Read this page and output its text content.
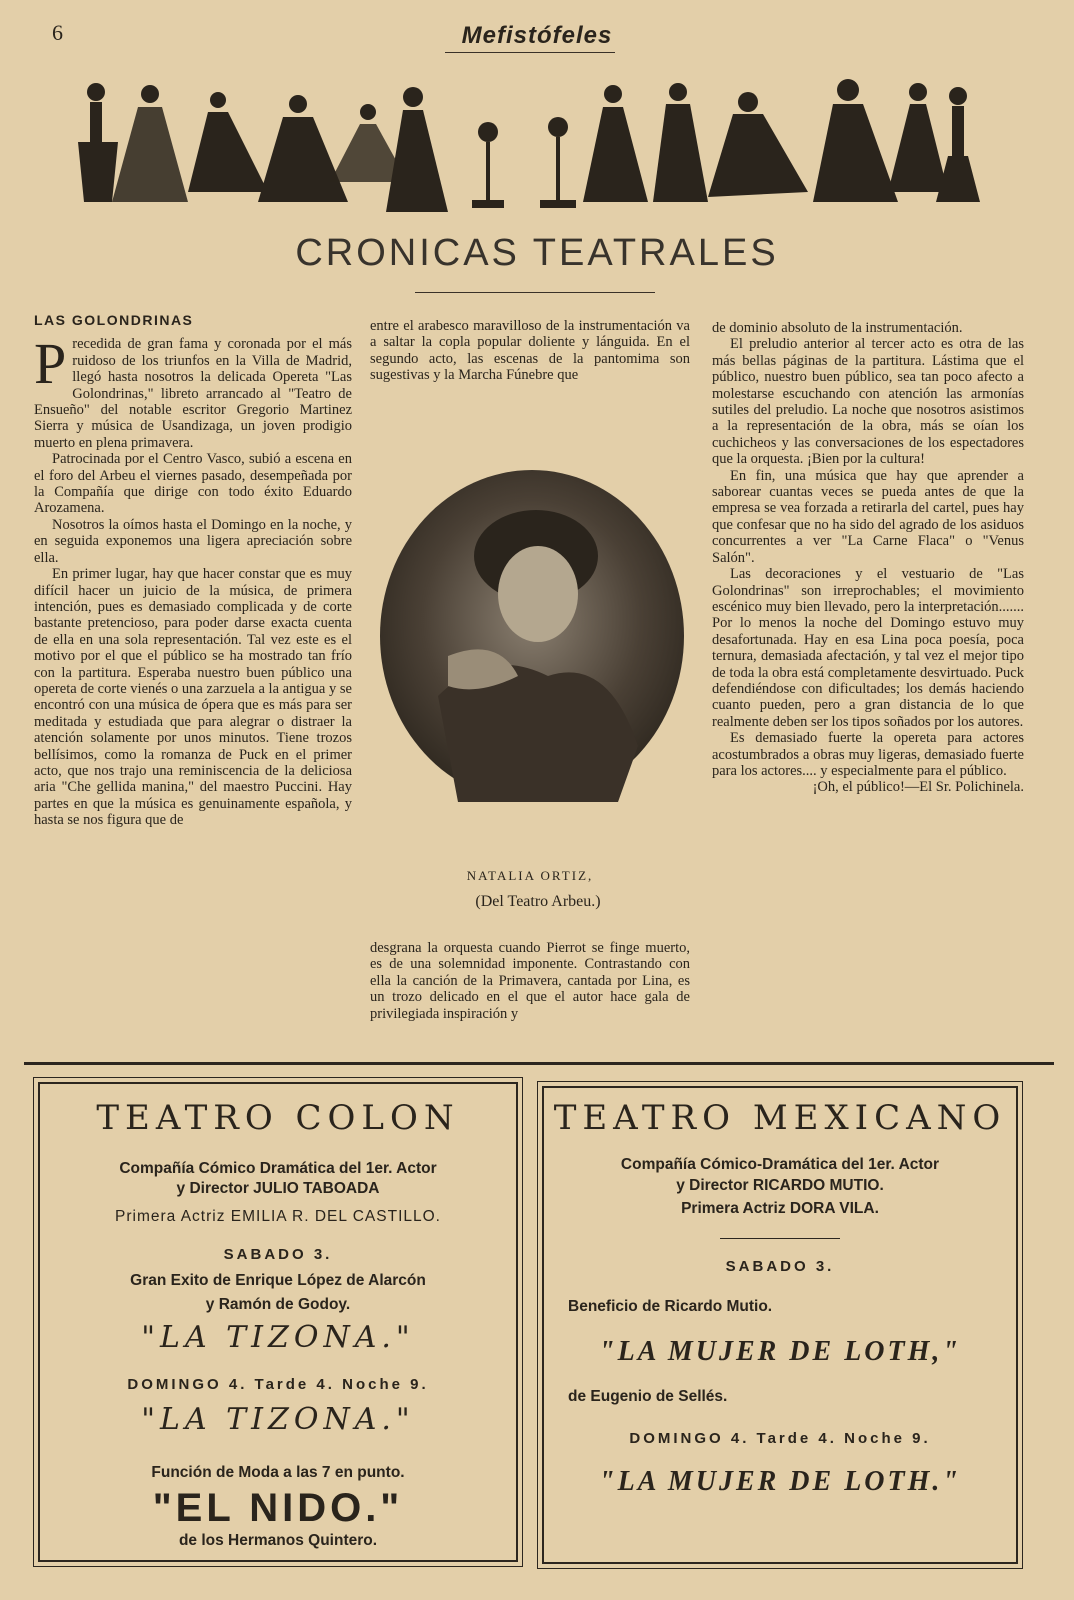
6	Mefistófeles
CRONICAS TEATRALES
LAS GOLONDRINAS
P recedida de gran fama y coronada por el más ruidoso de los triunfos en la Villa de Madrid, llegó hasta nosotros la delicada Opereta "Las Golondrinas," libreto arrancado al "Teatro de Ensueño" del notable escritor Gregorio Martinez Sierra y música de Usandizaga, un joven prodigio muerto en plena primavera.

Patrocinada por el Centro Vasco, subió a escena en el foro del Arbeu el viernes pasado, desempeñada por la Compañía que dirige con todo éxito Eduardo Arozamena.

Nosotros la oímos hasta el Domingo en la noche, y en seguida exponemos una ligera apreciación sobre ella.

En primer lugar, hay que hacer constar que es muy difícil hacer un juicio de la música, de primera intención, pues es demasiado complicada y de corte bastante pretencioso, para poder darse exacta cuenta de ella en una sola representación. Tal vez este es el motivo por el que el público se ha mostrado tan frío con la partitura. Esperaba nuestro buen público una opereta de corte vienés o una zarzuela a la antigua y se encontró con una música de ópera que es más para ser meditada y estudiada que para alegrar o distraer la atención solamente por unos minutos. Tiene trozos bellísimos, como la romanza de Puck en el primer acto, que nos trajo una reminiscencia de la deliciosa aria "Che gellida manina," del maestro Puccini. Hay partes en que la música es genuinamente española, y hasta se nos figura que de

entre el arabesco maravilloso de la instrumentación va a saltar la copla popular doliente y lánguida. En el segundo acto, las escenas de la pantomima son sugestivas y la Marcha Fúnebre que

NATALIA ORTIZ,
(Del Teatro Arbeu.)

desgrana la orquesta cuando Pierrot se finge muerto, es de una solemnidad imponente. Contrastando con ella la canción de la Primavera, cantada por Lina, es un trozo delicado en el que el autor hace gala de privilegiada inspiración y

de dominio absoluto de la instrumentación.

El preludio anterior al tercer acto es otra de las más bellas páginas de la partitura. Lástima que el público, nuestro buen público, sea tan poco afecto a molestarse escuchando con atención las armonías sutiles del preludio. La noche que nosotros asistimos a la representación de la obra, más se oían los cuchicheos y las conversaciones de los espectadores que la orquesta. ¡Bien por la cultura!

En fin, una música que hay que aprender a saborear cuantas veces se pueda antes de que la empresa se vea forzada a retirarla del cartel, pues hay que confesar que no ha sido del agrado de los asiduos concurrentes a ver "La Carne Flaca" o "Venus Salón".

Las decoraciones y el vestuario de "Las Golondrinas" son irreprochables; el movimiento escénico muy bien llevado, pero la interpretación....... Por lo menos la noche del Domingo estuvo muy desafortunada. Hay en esa Lina poca poesía, poca ternura, demasiada afectación, y tal vez el mejor tipo de toda la obra está completamente desvirtuado. Puck defendiéndose con dificultades; los demás haciendo cuanto pueden, pero a gran distancia de lo que realmente deben ser los tipos soñados por los autores.

Es demasiado fuerte la opereta para actores acostumbrados a obras muy ligeras, demasiado fuerte para los actores.... y especialmente para el público.

¡Oh, el público!—El Sr. Polichinela.

TEATRO COLON
Compañía Cómico Dramática del 1er. Actor
y Director JULIO TABOADA
Primera Actriz EMILIA R. DEL CASTILLO.
SABADO 3.
Gran Exito de Enrique López de Alarcón
y Ramón de Godoy.
"LA TIZONA."
DOMINGO 4. Tarde 4. Noche 9.
"LA TIZONA."
Función de Moda a las 7 en punto.
"EL NIDO."
de los Hermanos Quintero.
TEATRO MEXICANO
Compañía Cómico-Dramática del 1er. Actor
y Director RICARDO MUTIO.
Primera Actriz DORA VILA.
SABADO 3.
Beneficio de Ricardo Mutio.
"LA MUJER DE LOTH,"
de Eugenio de Sellés.
DOMINGO 4. Tarde 4. Noche 9.
"LA MUJER DE LOTH."
